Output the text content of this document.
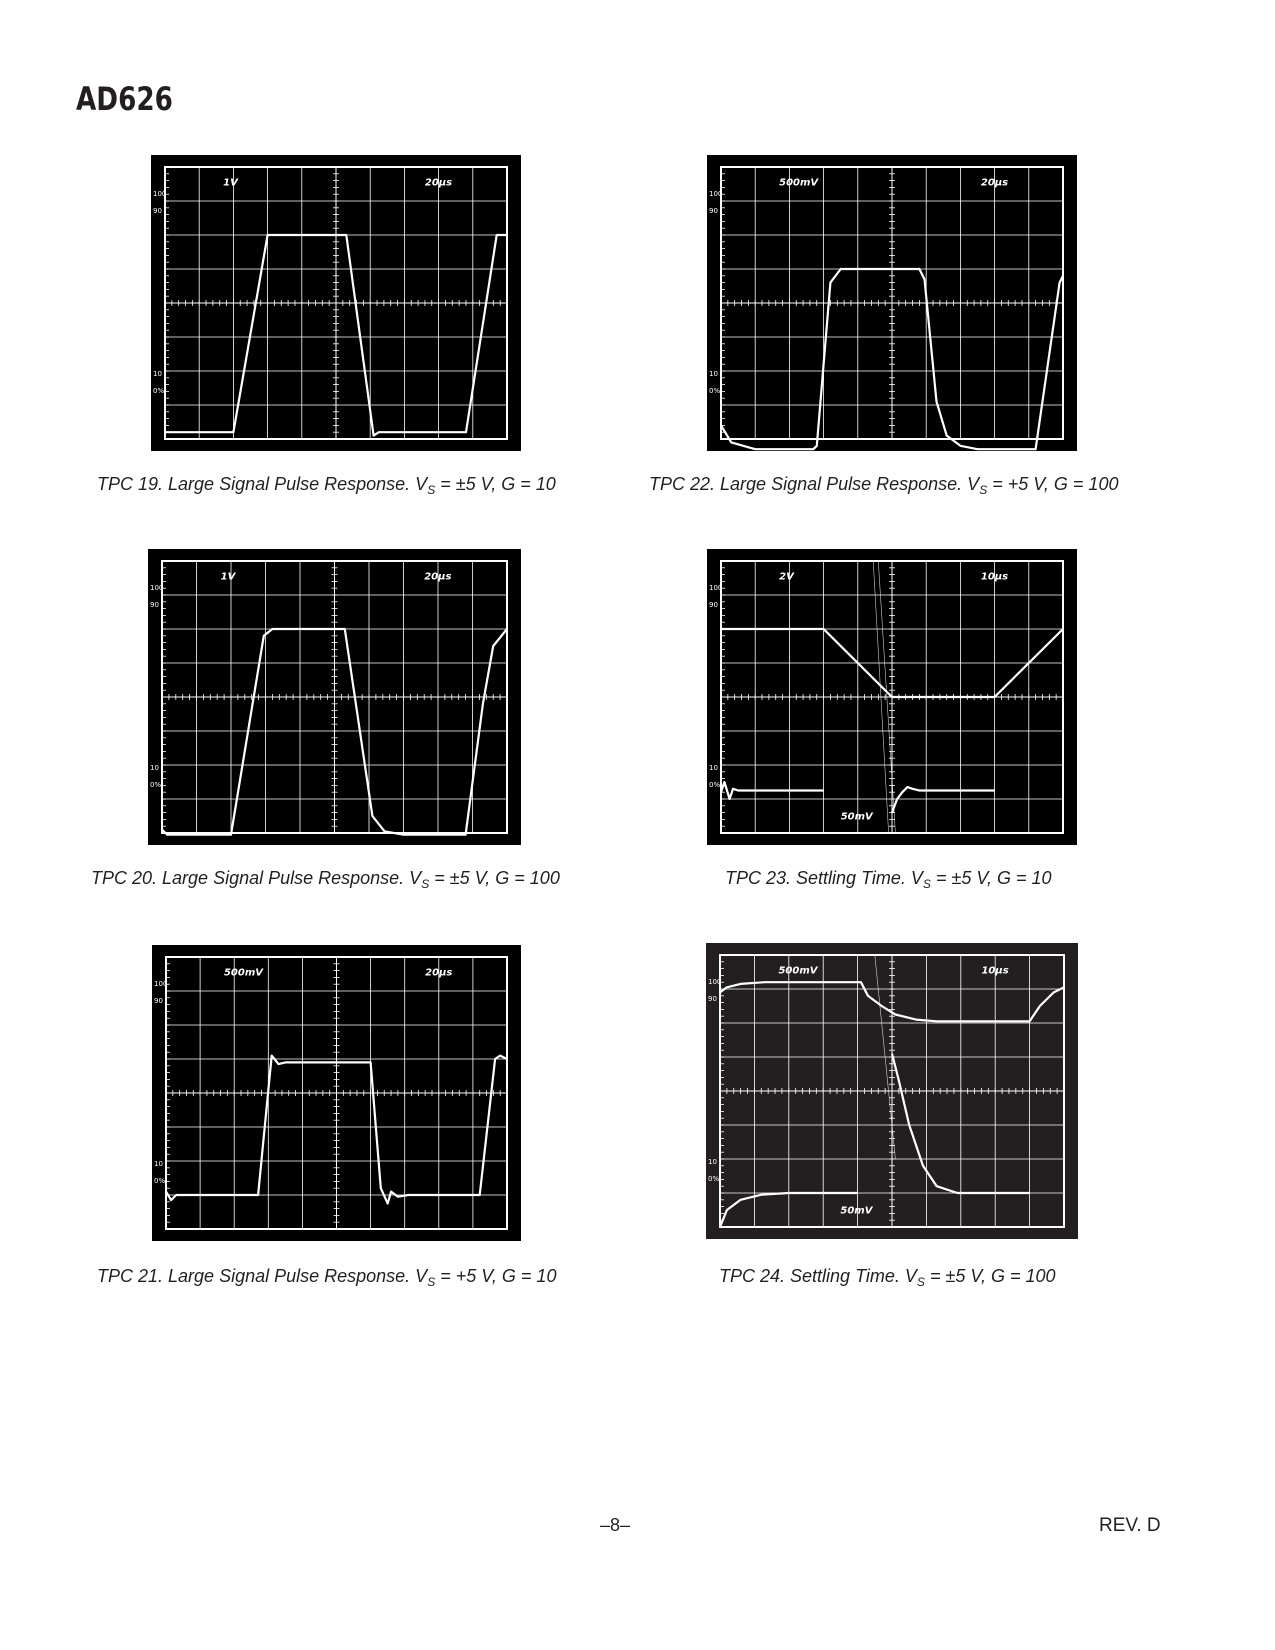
AD626
1V	20µs
100
90
10
0%
TPC 19. Large Signal Pulse Response. $V_S = \pm 5$ V, G = 10
500mV	20µs
100
90
10
0%
TPC 22. Large Signal Pulse Response. $V_S = +5$ V, G = 100
1V	20µs
100
90
10
0%
TPC 20. Large Signal Pulse Response. $V_S = \pm 5$ V, G = 100
2V	10µs
50mV
100
90
10
0%
TPC 23. Settling Time. $V_S = \pm 5$ V, G = 10
500mV	20µs
100
90
10
0%
TPC 21. Large Signal Pulse Response. $V_S = +5$ V, G = 10
500mV	10µs
50mV
100
90
10
0%
TPC 24. Settling Time. $V_S = \pm 5$ V, G = 100
–8–	REV. D
